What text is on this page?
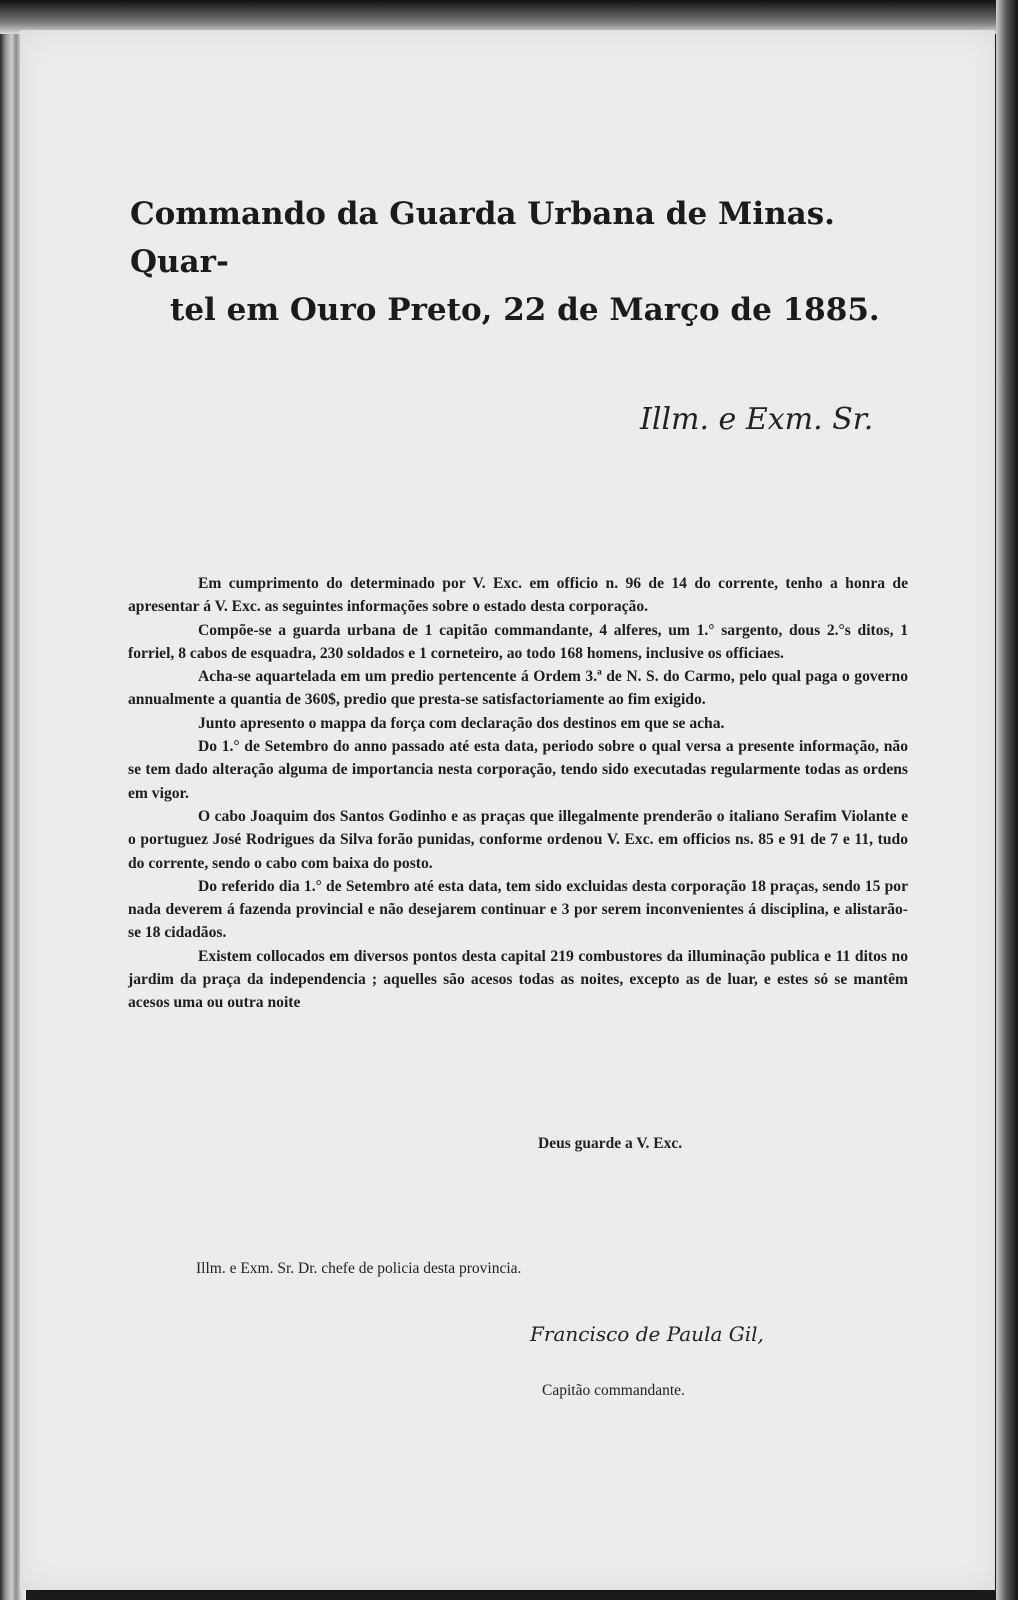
Commando da Guarda Urbana de Minas. Quar-
tel em Ouro Preto, 22 de Março de 1885.
Illm. e Exm. Sr.

Em cumprimento do determinado por V. Exc. em officio n. 96 de 14 do corrente, tenho a honra de apresentar á V. Exc. as seguintes informações sobre o estado desta corporação.

Compõe-se a guarda urbana de 1 capitão commandante, 4 alferes, um 1.° sargento, dous 2.°s ditos, 1 forriel, 8 cabos de esquadra, 230 soldados e 1 corneteiro, ao todo 168 homens, inclusive os officiaes.

Acha-se aquartelada em um predio pertencente á Ordem 3.ª de N. S. do Carmo, pelo qual paga o governo annualmente a quantia de 360$, predio que presta-se satisfactoriamente ao fim exigido.

Junto apresento o mappa da força com declaração dos destinos em que se acha.

Do 1.° de Setembro do anno passado até esta data, periodo sobre o qual versa a presente informação, não se tem dado alteração alguma de importancia nesta corporação, tendo sido executadas regularmente todas as ordens em vigor.

O cabo Joaquim dos Santos Godinho e as praças que illegalmente prenderão o italiano Serafim Violante e o portuguez José Rodrigues da Silva forão punidas, conforme ordenou V. Exc. em officios ns. 85 e 91 de 7 e 11, tudo do corrente, sendo o cabo com baixa do posto.

Do referido dia 1.° de Setembro até esta data, tem sido excluidas desta corporação 18 praças, sendo 15 por nada deverem á fazenda provincial e não desejarem continuar e 3 por serem inconvenientes á disciplina, e alistarão-se 18 cidadãos.

Existem collocados em diversos pontos desta capital 219 combustores da illuminação publica e 11 ditos no jardim da praça da independencia ; aquelles são acesos todas as noites, excepto as de luar, e estes só se mantêm acesos uma ou outra noite

Deus guarde a V. Exc.
Illm. e Exm. Sr. Dr. chefe de policia desta provincia.
Francisco de Paula Gil,
Capitão commandante.
